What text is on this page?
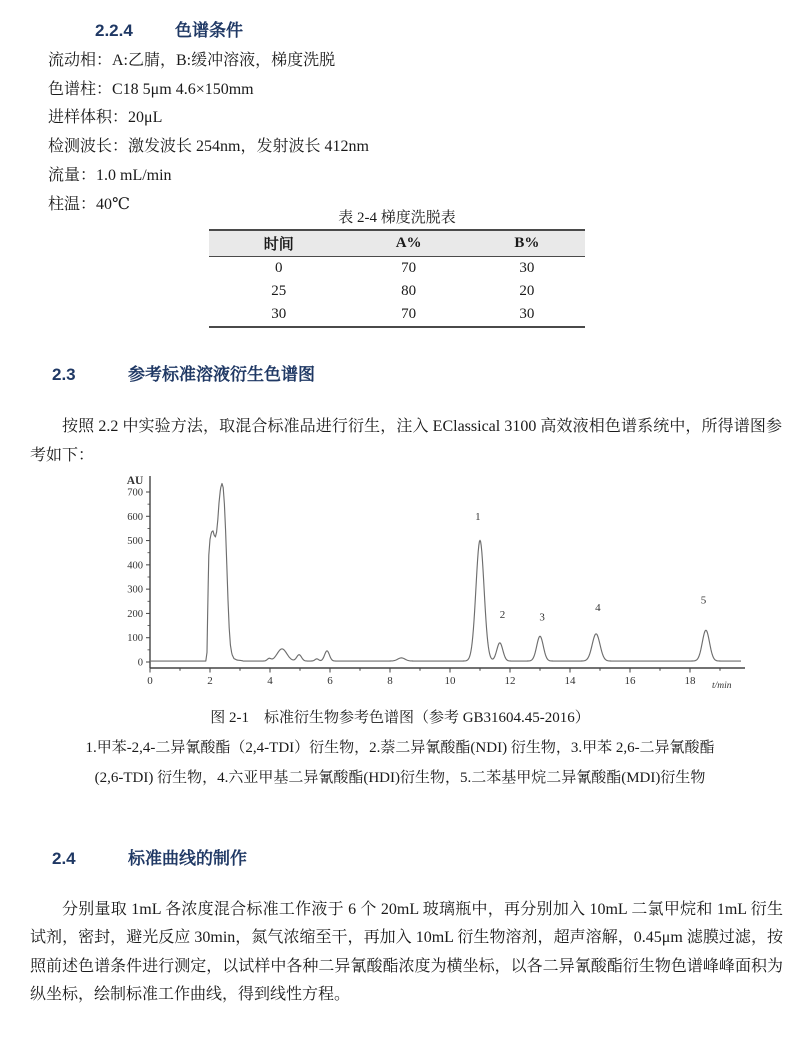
2.2.4 色谱条件
流动相：A:乙腈，B:缓冲溶液，梯度洗脱
色谱柱：C18 5μm 4.6×150mm
进样体积：20μL
检测波长：激发波长 254nm，发射波长 412nm
流量：1.0 mL/min
柱温：40℃
表 2-4 梯度洗脱表
时间	A%	B%
0	70	30
25	80	20
30	70	30
2.3	参考标准溶液衍生色谱图

按照 2.2 中实验方法，取混合标准品进行衍生，注入 EClassical 3100 高效液相色谱系统中，所得谱图参考如下：

AU
0
100
200
300
400
500
600
700
0	2	4	6	8	10	12	14	16	18 t/min
1
2	3
4
5
图 2-1　标准衍生物参考色谱图（参考 GB31604.45-2016）
1.甲苯-2,4-二异氰酸酯（2,4-TDI）衍生物，2.萘二异氰酸酯(NDI) 衍生物，3.甲苯 2,6-二异氰酸酯
(2,6-TDI) 衍生物，4.六亚甲基二异氰酸酯(HDI)衍生物，5.二苯基甲烷二异氰酸酯(MDI)衍生物
2.4	标准曲线的制作

分别量取 1mL 各浓度混合标准工作液于 6 个 20mL 玻璃瓶中，再分别加入 10mL 二氯甲烷和 1mL 衍生试剂，密封，避光反应 30min，氮气浓缩至干，再加入 10mL 衍生物溶剂，超声溶解，0.45μm 滤膜过滤，按照前述色谱条件进行测定，以试样中各种二异氰酸酯浓度为横坐标，以各二异氰酸酯衍生物色谱峰峰面积为纵坐标，绘制标准工作曲线，得到线性方程。
